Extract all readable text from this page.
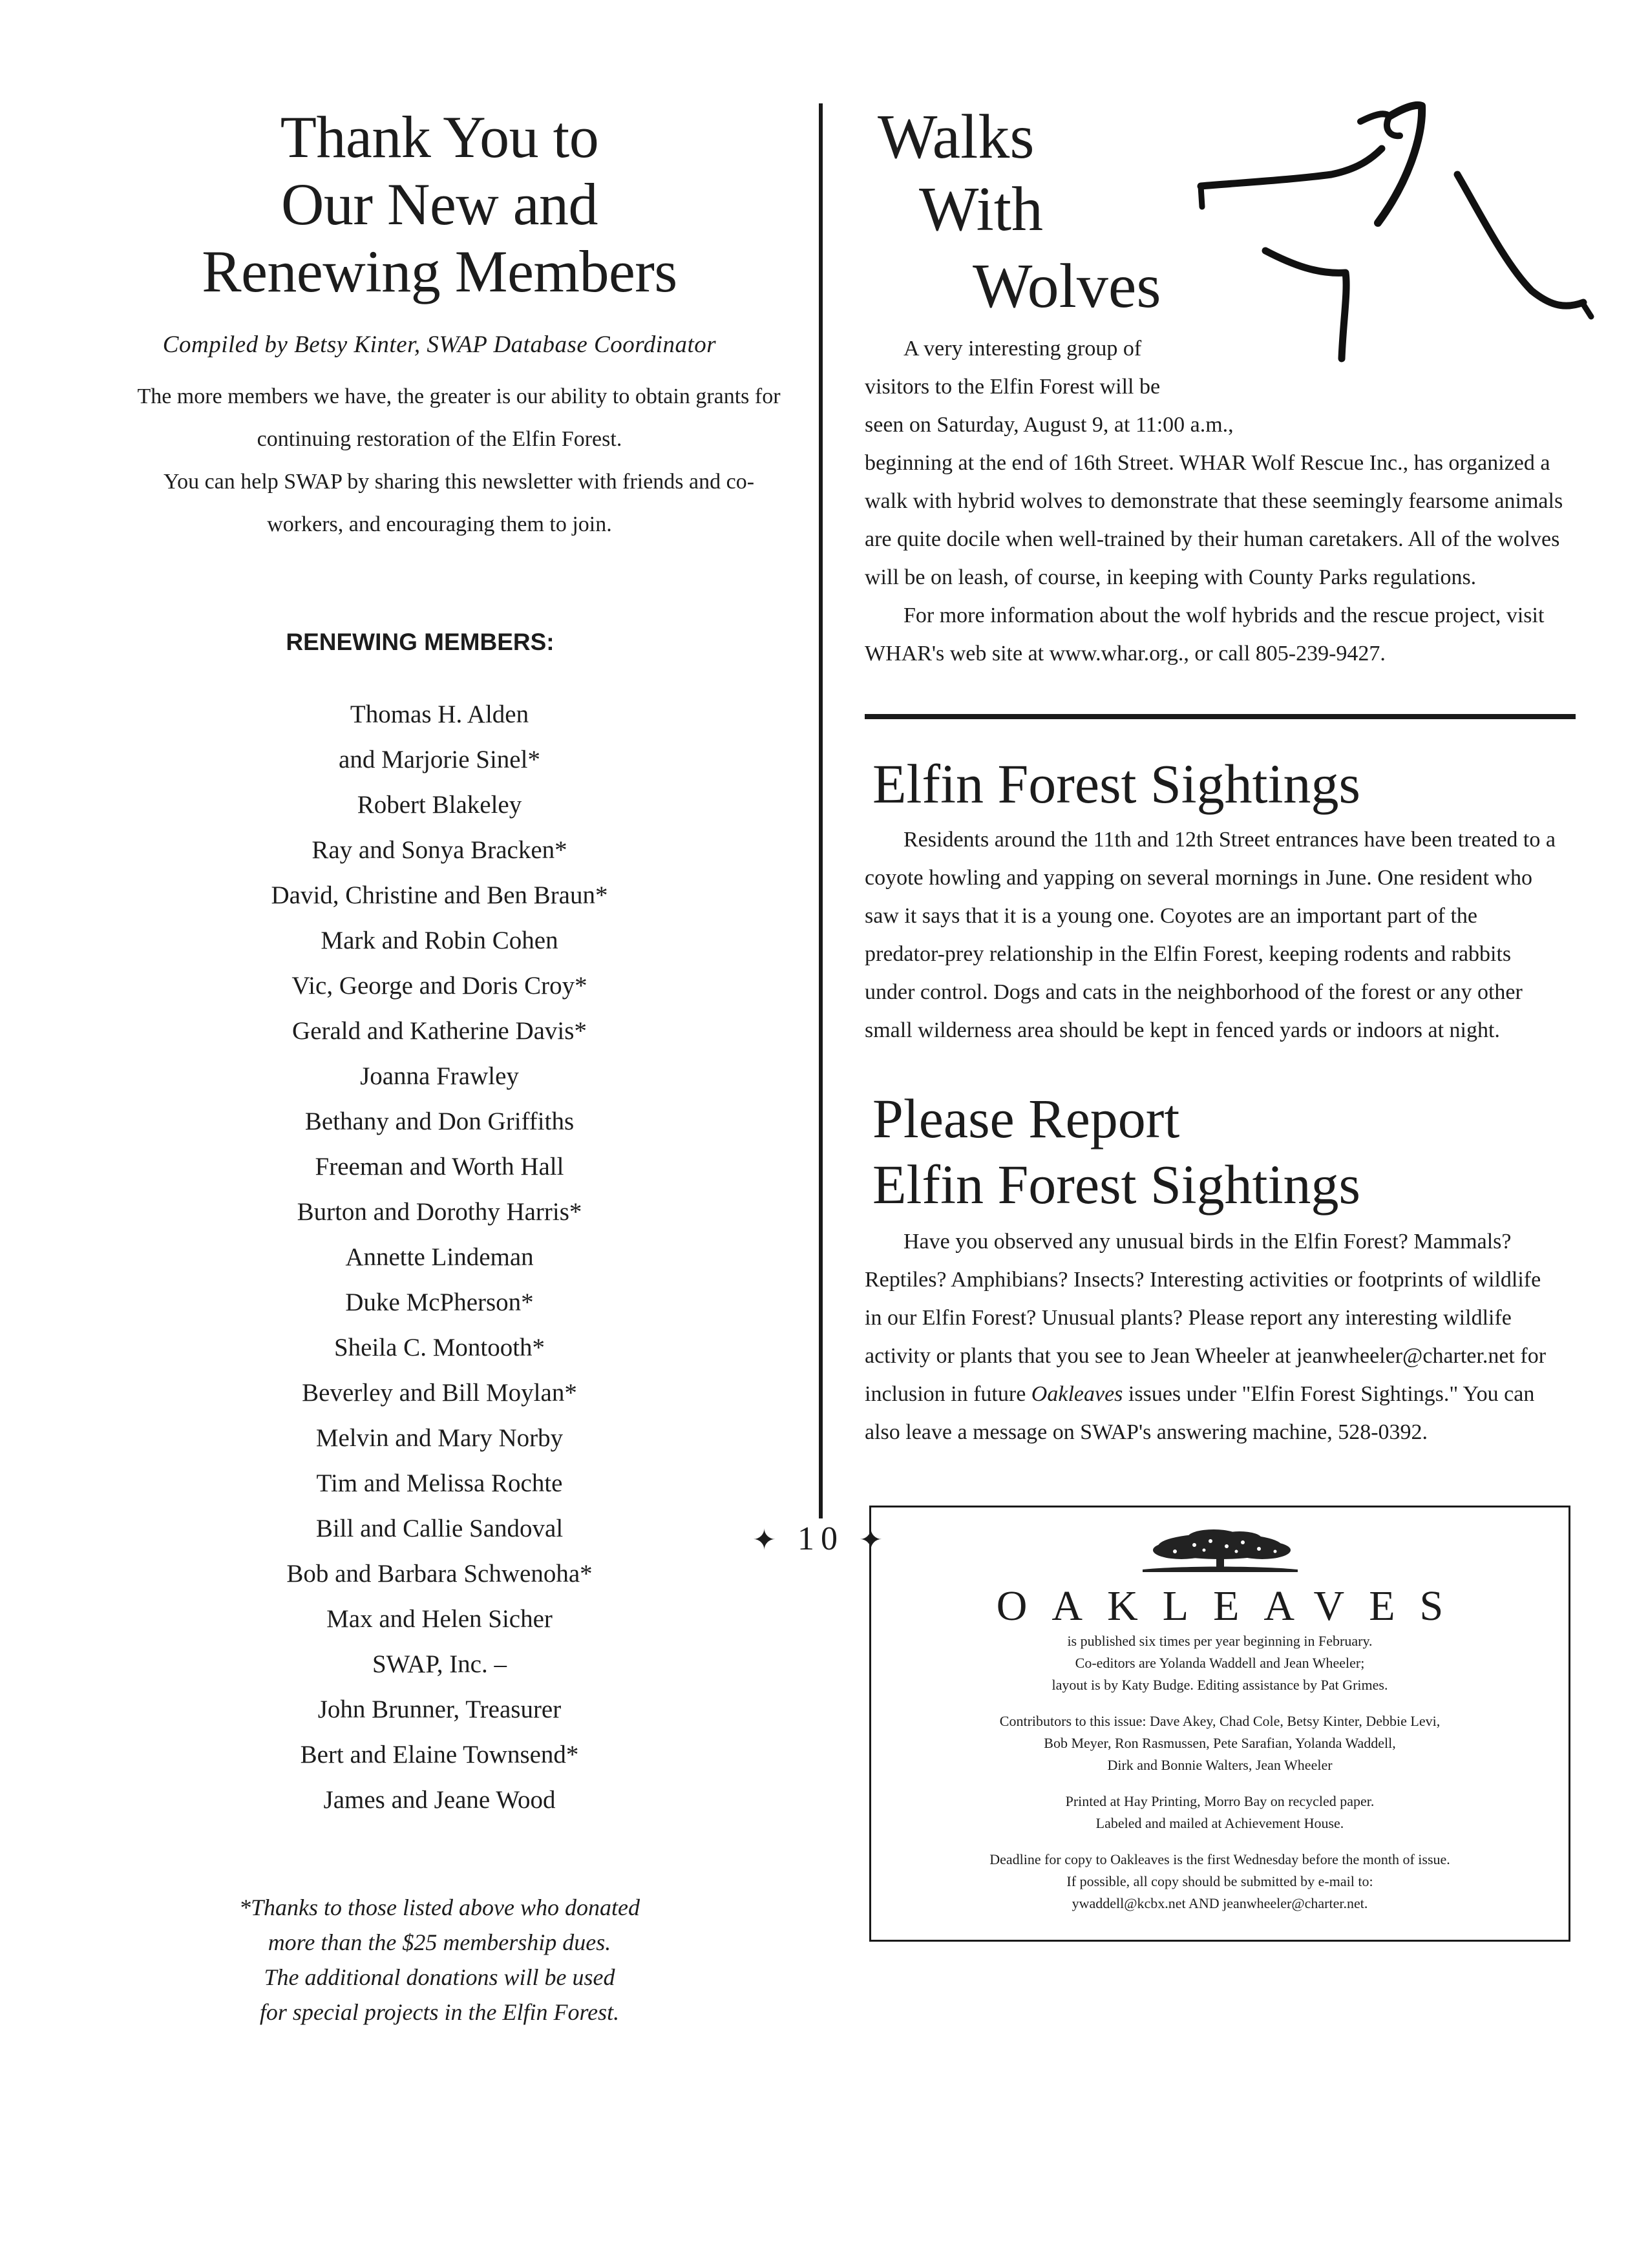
Thank You to
Our New and
Renewing Members
Compiled by Betsy Kinter, SWAP Database Coordinator

The more members we have, the greater is our ability to obtain grants for continuing restoration of the Elfin Forest.

You can help SWAP by sharing this newsletter with friends and co-workers, and encouraging them to join.

RENEWING MEMBERS:
Thomas H. Alden
and Marjorie Sinel*
Robert Blakeley
Ray and Sonya Bracken*
David, Christine and Ben Braun*
Mark and Robin Cohen
Vic, George and Doris Croy*
Gerald and Katherine Davis*
Joanna Frawley
Bethany and Don Griffiths
Freeman and Worth Hall
Burton and Dorothy Harris*
Annette Lindeman
Duke McPherson*
Sheila C. Montooth*
Beverley and Bill Moylan*
Melvin and Mary Norby
Tim and Melissa Rochte
Bill and Callie Sandoval
Bob and Barbara Schwenoha*
Max and Helen Sicher
SWAP, Inc. –
John Brunner, Treasurer
Bert and Elaine Townsend*
James and Jeane Wood
*Thanks to those listed above who donated
more than the $25 membership dues.
The additional donations will be used
for special projects in the Elfin Forest.
Walks
With
Wolves
A very interesting group of
visitors to the Elfin Forest will be
seen on Saturday, August 9, at 11:00 a.m.,

beginning at the end of 16th Street. WHAR Wolf Rescue Inc., has organized a walk with hybrid wolves to demonstrate that these seemingly fearsome animals are quite docile when well-trained by their human caretakers. All of the wolves will be on leash, of course, in keeping with County Parks regulations.

For more information about the wolf hybrids and the rescue project, visit WHAR's web site at www.whar.org., or call 805-239-9427.

Elfin Forest Sightings

Residents around the 11th and 12th Street entrances have been treated to a coyote howling and yapping on several mornings in June. One resident who saw it says that it is a young one. Coyotes are an important part of the predator-prey relationship in the Elfin Forest, keeping rodents and rabbits under control. Dogs and cats in the neighborhood of the forest or any other small wilderness area should be kept in fenced yards or indoors at night.

Please Report
Elfin Forest Sightings

Have you observed any unusual birds in the Elfin Forest? Mammals? Reptiles? Amphibians? Insects? Interesting activities or footprints of wildlife in our Elfin Forest? Unusual plants? Please report any interesting wildlife activity or plants that you see to Jean Wheeler at jeanwheeler@charter.net for inclusion in future Oakleaves issues under "Elfin Forest Sightings." You can also leave a message on SWAP's answering machine, 528-0392.

OAKLEAVES
is published six times per year beginning in February.
Co-editors are Yolanda Waddell and Jean Wheeler;
layout is by Katy Budge. Editing assistance by Pat Grimes.
Contributors to this issue: Dave Akey, Chad Cole, Betsy Kinter, Debbie Levi,
Bob Meyer, Ron Rasmussen, Pete Sarafian, Yolanda Waddell,
Dirk and Bonnie Walters, Jean Wheeler
Printed at Hay Printing, Morro Bay on recycled paper.
Labeled and mailed at Achievement House.
Deadline for copy to Oakleaves is the first Wednesday before the month of issue.
If possible, all copy should be submitted by e-mail to:
ywaddell@kcbx.net AND jeanwheeler@charter.net.
✦ 10 ✦
